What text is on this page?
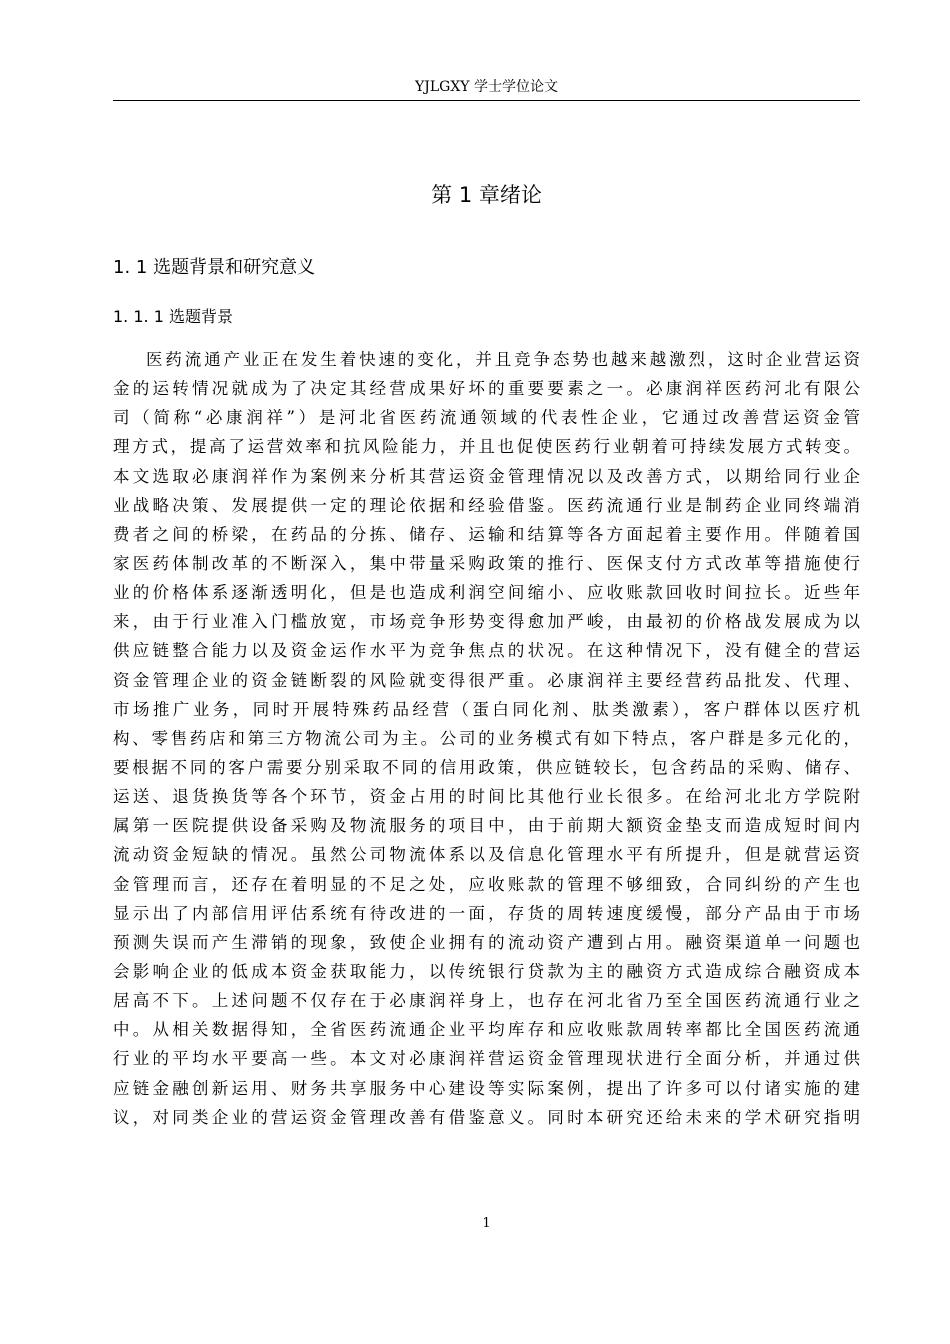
YJLGXY 学士学位论文
第 1 章绪论
1. 1 选题背景和研究意义
1. 1. 1 选题背景
医药流通产业正在发生着快速的变化，并且竞争态势也越来越激烈，这时企业营运资
金的运转情况就成为了决定其经营成果好坏的重要要素之一。必康润祥医药河北有限公
司（简称“必康润祥”）是河北省医药流通领域的代表性企业，它通过改善营运资金管
理方式，提高了运营效率和抗风险能力，并且也促使医药行业朝着可持续发展方式转变。
本文选取必康润祥作为案例来分析其营运资金管理情况以及改善方式，以期给同行业企
业战略决策、发展提供一定的理论依据和经验借鉴。医药流通行业是制药企业同终端消
费者之间的桥梁，在药品的分拣、储存、运输和结算等各方面起着主要作用。伴随着国
家医药体制改革的不断深入，集中带量采购政策的推行、医保支付方式改革等措施使行
业的价格体系逐渐透明化，但是也造成利润空间缩小、应收账款回收时间拉长。近些年
来，由于行业准入门槛放宽，市场竞争形势变得愈加严峻，由最初的价格战发展成为以
供应链整合能力以及资金运作水平为竞争焦点的状况。在这种情况下，没有健全的营运
资金管理企业的资金链断裂的风险就变得很严重。必康润祥主要经营药品批发、代理、
市场推广业务，同时开展特殊药品经营（蛋白同化剂、肽类激素），客户群体以医疗机
构、零售药店和第三方物流公司为主。公司的业务模式有如下特点，客户群是多元化的，
要根据不同的客户需要分别采取不同的信用政策，供应链较长，包含药品的采购、储存、
运送、退货换货等各个环节，资金占用的时间比其他行业长很多。在给河北北方学院附
属第一医院提供设备采购及物流服务的项目中，由于前期大额资金垫支而造成短时间内
流动资金短缺的情况。虽然公司物流体系以及信息化管理水平有所提升，但是就营运资
金管理而言，还存在着明显的不足之处，应收账款的管理不够细致，合同纠纷的产生也
显示出了内部信用评估系统有待改进的一面，存货的周转速度缓慢，部分产品由于市场
预测失误而产生滞销的现象，致使企业拥有的流动资产遭到占用。融资渠道单一问题也
会影响企业的低成本资金获取能力，以传统银行贷款为主的融资方式造成综合融资成本
居高不下。上述问题不仅存在于必康润祥身上，也存在河北省乃至全国医药流通行业之
中。从相关数据得知，全省医药流通企业平均库存和应收账款周转率都比全国医药流通
行业的平均水平要高一些。本文对必康润祥营运资金管理现状进行全面分析，并通过供
应链金融创新运用、财务共享服务中心建设等实际案例，提出了许多可以付诸实施的建
议，对同类企业的营运资金管理改善有借鉴意义。同时本研究还给未来的学术研究指明
1
